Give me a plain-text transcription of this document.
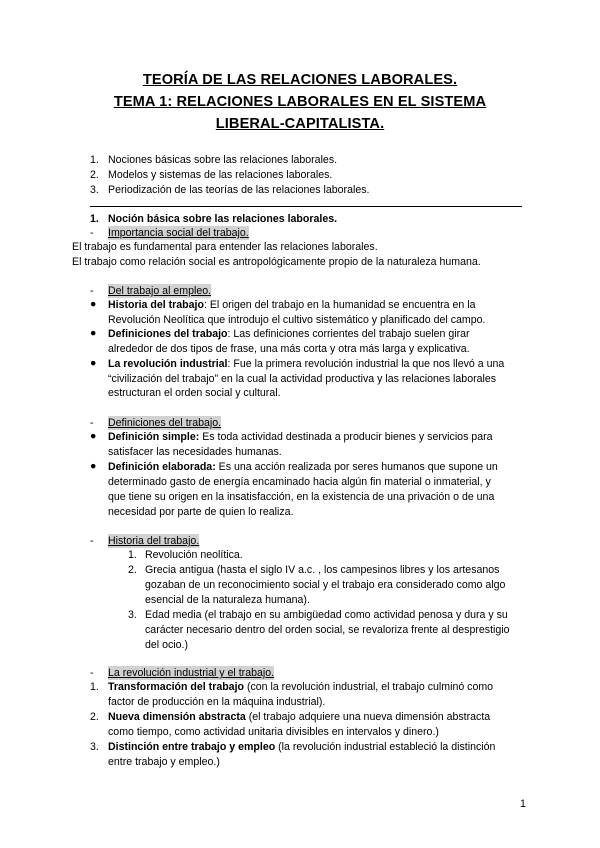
TEORÍA DE LAS RELACIONES LABORALES.
TEMA 1: RELACIONES LABORALES EN EL SISTEMA
LIBERAL-CAPITALISTA.
1. Nociones básicas sobre las relaciones laborales.
2. Modelos y sistemas de las relaciones laborales.
3. Periodización de las teorías de las relaciones laborales.
1. Noción básica sobre las relaciones laborales.
- Importancia social del trabajo.
El trabajo es fundamental para entender las relaciones laborales.
El trabajo como relación social es antropológicamente propio de la naturaleza humana.
- Del trabajo al empleo.
● Historia del trabajo: El origen del trabajo en la humanidad se encuentra en la
Revolución Neolítica que introdujo el cultivo sistemático y planificado del campo.
● Definiciones del trabajo: Las definiciones corrientes del trabajo suelen girar
alrededor de dos tipos de frase, una más corta y otra más larga y explicativa.
● La revolución industrial: Fue la primera revolución industrial la que nos llevó a una
“civilización del trabajo” en la cual la actividad productiva y las relaciones laborales
estructuran el orden social y cultural.
- Definiciones del trabajo.
● Definición simple: Es toda actividad destinada a producir bienes y servicios para
satisfacer las necesidades humanas.
● Definición elaborada: Es una acción realizada por seres humanos que supone un
determinado gasto de energía encaminado hacia algún fin material o inmaterial, y
que tiene su origen en la insatisfacción, en la existencia de una privación o de una
necesidad por parte de quien lo realiza.
- Historia del trabajo.
1. Revolución neolítica.
2. Grecia antigua (hasta el siglo IV a.c. , los campesinos libres y los artesanos
gozaban de un reconocimiento social y el trabajo era considerado como algo
esencial de la naturaleza humana).
3. Edad media (el trabajo en su ambigüedad como actividad penosa y dura y su
carácter necesario dentro del orden social, se revaloriza frente al desprestigio
del ocio.)
- La revolución industrial y el trabajo.
1. Transformación del trabajo (con la revolución industrial, el trabajo culminó como
factor de producción en la máquina industrial).
2. Nueva dimensión abstracta (el trabajo adquiere una nueva dimensión abstracta
como tiempo, como actividad unitaria divisibles en intervalos y dinero.)
3. Distinción entre trabajo y empleo (la revolución industrial estableció la distinción
entre trabajo y empleo.)
1
